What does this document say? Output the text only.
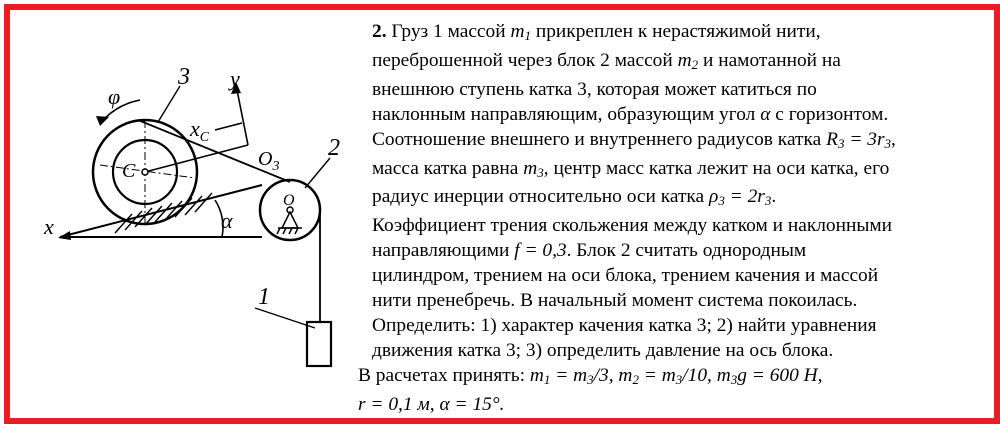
φ
3 y
$x_C$
C
$O_3$
2
O
x	α
1
2. Груз 1 массой $m_1$ прикреплен к нерастяжимой нити,
переброшенной через блок 2 массой $m_2$ и намотанной на
внешнюю ступень катка 3, которая может катиться по
наклонным направляющим, образующим угол α с горизонтом.
Соотношение внешнего и внутреннего радиусов катка $R_3 = 3r_3$,
масса катка равна $m_3$, центр масс катка лежит на оси катка, его
радиус инерции относительно оси катка $\rho_3 = 2r_3$.
Коэффициент трения скольжения между катком и наклонными
направляющими f = 0,3. Блок 2 считать однородным
цилиндром, трением на оси блока, трением качения и массой
нити пренебречь. В начальный момент система покоилась.
Определить: 1) характер качения катка 3; 2) найти уравнения
движения катка 3; 3) определить давление на ось блока.
В расчетах принять: $m_1 = m_3/3$, $m_2 = m_3/10$, $m_3g = 600$ Н,
r = 0,1 м, α = 15°.
